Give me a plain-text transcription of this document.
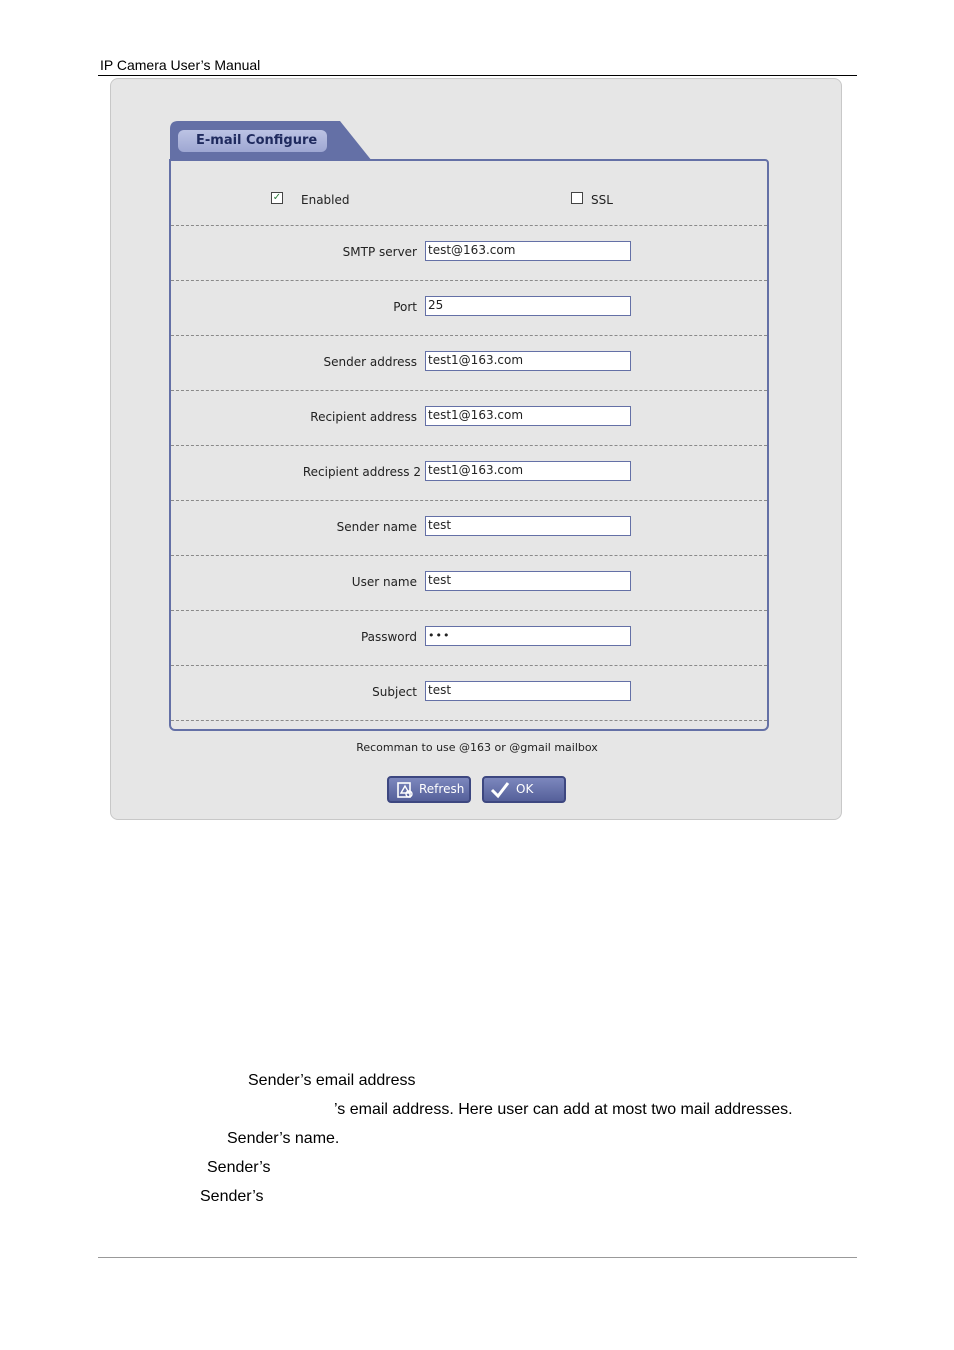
IP Camera User’s Manual
E-mail Configure
✓ Enabled	SSL
SMTP server test@163.com
Port 25
Sender address test1@163.com
Recipient address test1@163.com
Recipient address 2 test1@163.com
Sender name test
User name test
Password •••
Subject test
Recomman to use @163 or @gmail mailbox
Refresh	OK
Sender’s email address
’s email address. Here user can add at most two mail addresses.
Sender’s name.
Sender’s
Sender’s
